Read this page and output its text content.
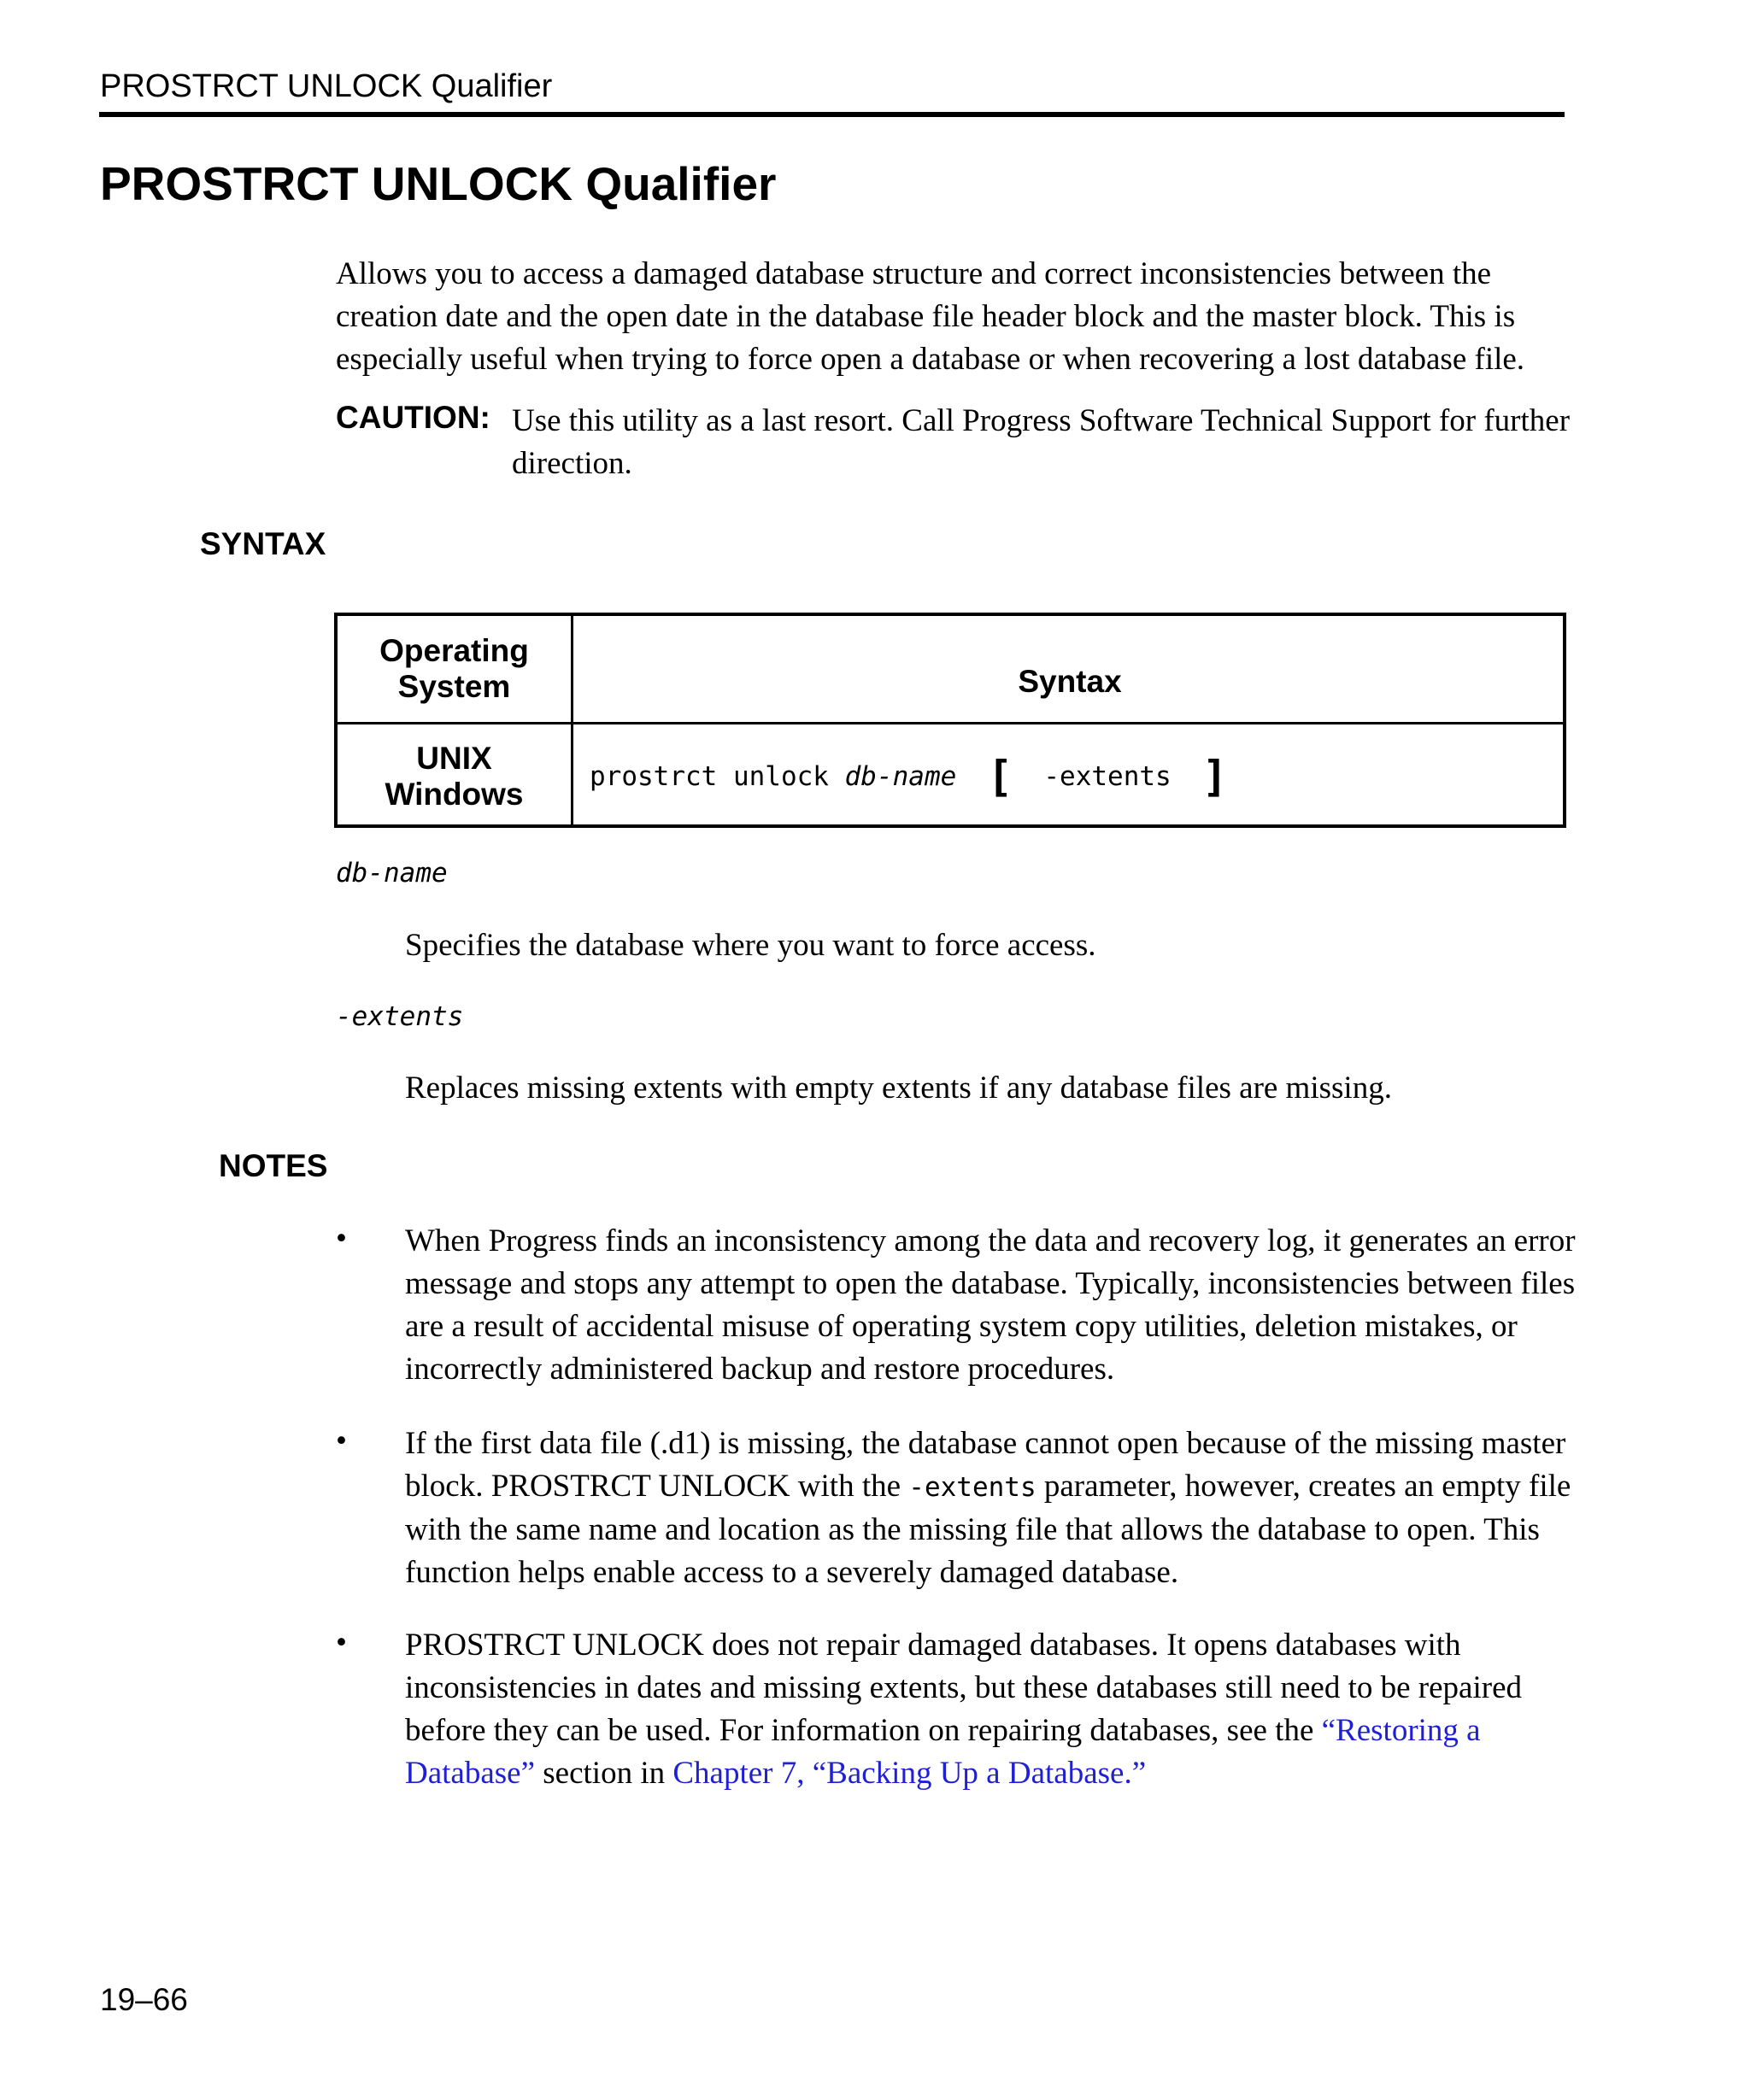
PROSTRCT UNLOCK Qualifier
PROSTRCT UNLOCK Qualifier

Allows you to access a damaged database structure and correct inconsistencies between the creation date and the open date in the database file header block and the master block. This is especially useful when trying to force open a database or when recovering a lost database file.

CAUTION: Use this utility as a last resort. Call Progress Software Technical Support for further direction.
SYNTAX
Operating System	Syntax
UNIX
Windows prostrct unlock db-name [ -extents ]
db-name
Specifies the database where you want to force access.
-extents
Replaces missing extents with empty extents if any database files are missing.
NOTES
• When Progress finds an inconsistency among the data and recovery log, it generates an error message and stops any attempt to open the database. Typically, inconsistencies between files are a result of accidental misuse of operating system copy utilities, deletion mistakes, or incorrectly administered backup and restore procedures.

• If the first data file (.d1) is missing, the database cannot open because of the missing master block. PROSTRCT UNLOCK with the -extents parameter, however, creates an empty file with the same name and location as the missing file that allows the database to open. This function helps enable access to a severely damaged database.

• PROSTRCT UNLOCK does not repair damaged databases. It opens databases with inconsistencies in dates and missing extents, but these databases still need to be repaired before they can be used. For information on repairing databases, see the “Restoring a Database” section in Chapter 7, “Backing Up a Database.”

19–66
